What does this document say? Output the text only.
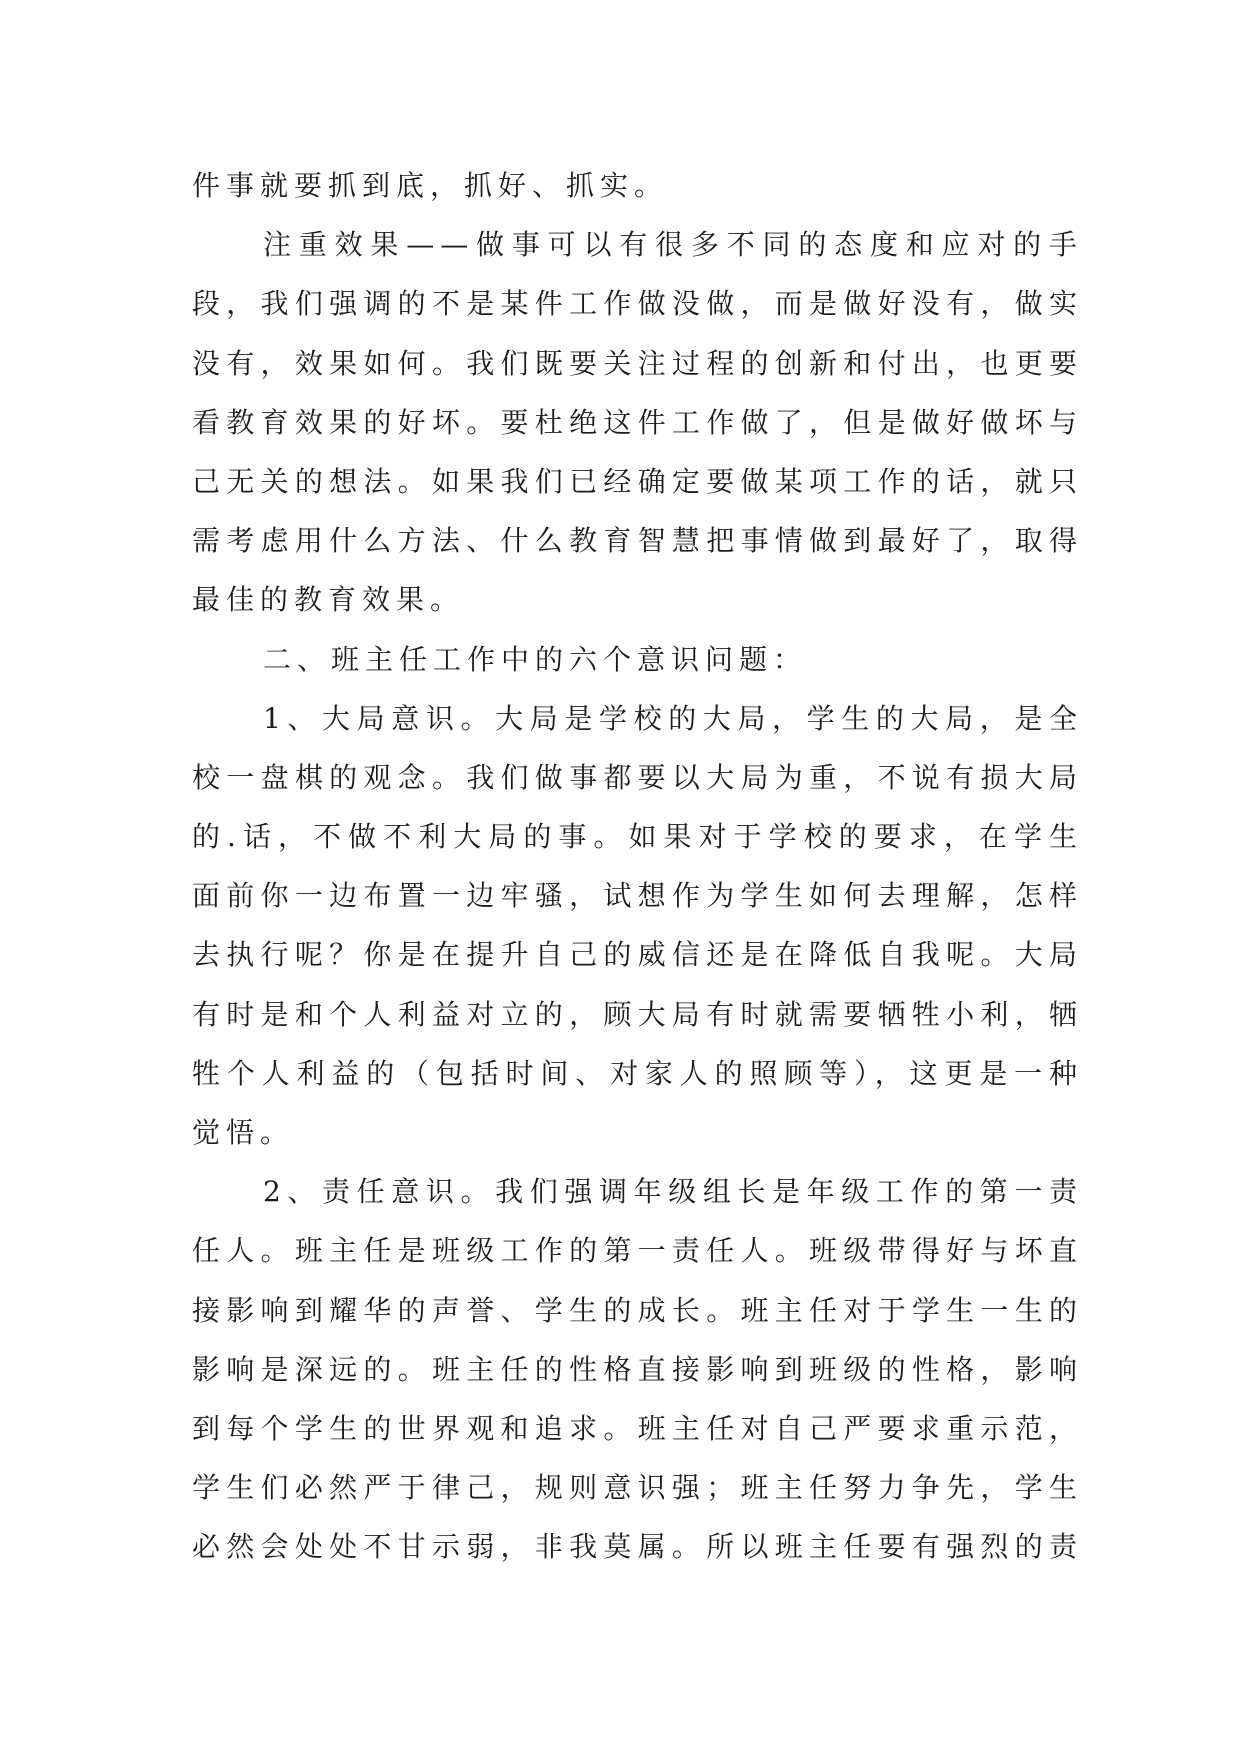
件事就要抓到底，抓好、抓实。
注重效果——做事可以有很多不同的态度和应对的手
段，我们强调的不是某件工作做没做，而是做好没有，做实
没有，效果如何。我们既要关注过程的创新和付出，也更要
看教育效果的好坏。要杜绝这件工作做了，但是做好做坏与
己无关的想法。如果我们已经确定要做某项工作的话，就只
需考虑用什么方法、什么教育智慧把事情做到最好了，取得
最佳的教育效果。
二、班主任工作中的六个意识问题：
1、大局意识。大局是学校的大局，学生的大局，是全
校一盘棋的观念。我们做事都要以大局为重，不说有损大局
的.话，不做不利大局的事。如果对于学校的要求，在学生
面前你一边布置一边牢骚，试想作为学生如何去理解，怎样
去执行呢？你是在提升自己的威信还是在降低自我呢。大局
有时是和个人利益对立的，顾大局有时就需要牺牲小利，牺
牲个人利益的（包括时间、对家人的照顾等），这更是一种
觉悟。
2、责任意识。我们强调年级组长是年级工作的第一责
任人。班主任是班级工作的第一责任人。班级带得好与坏直
接影响到耀华的声誉、学生的成长。班主任对于学生一生的
影响是深远的。班主任的性格直接影响到班级的性格，影响
到每个学生的世界观和追求。班主任对自己严要求重示范，
学生们必然严于律己，规则意识强；班主任努力争先，学生
必然会处处不甘示弱，非我莫属。所以班主任要有强烈的责
